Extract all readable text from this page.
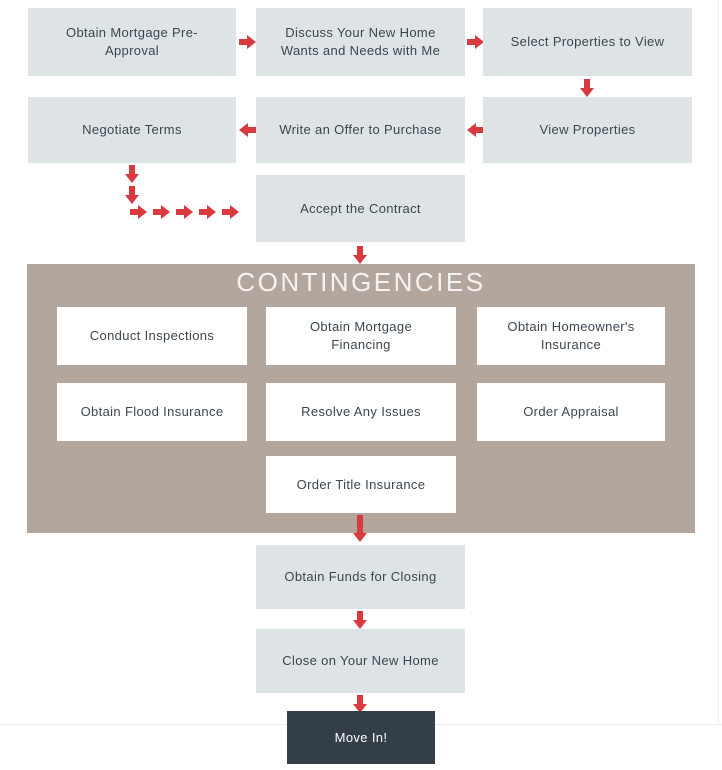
Obtain Mortgage Pre-Approval
Discuss Your New Home Wants and Needs with Me
Select Properties to View
Negotiate Terms	Write an Offer to Purchase	View Properties
Accept the Contract
CONTINGENCIES
Conduct Inspections
Obtain Mortgage Financing
Obtain Homeowner's Insurance
Obtain Flood Insurance	Resolve Any Issues	Order Appraisal
Order Title Insurance
Obtain Funds for Closing
Close on Your New Home
Move In!
